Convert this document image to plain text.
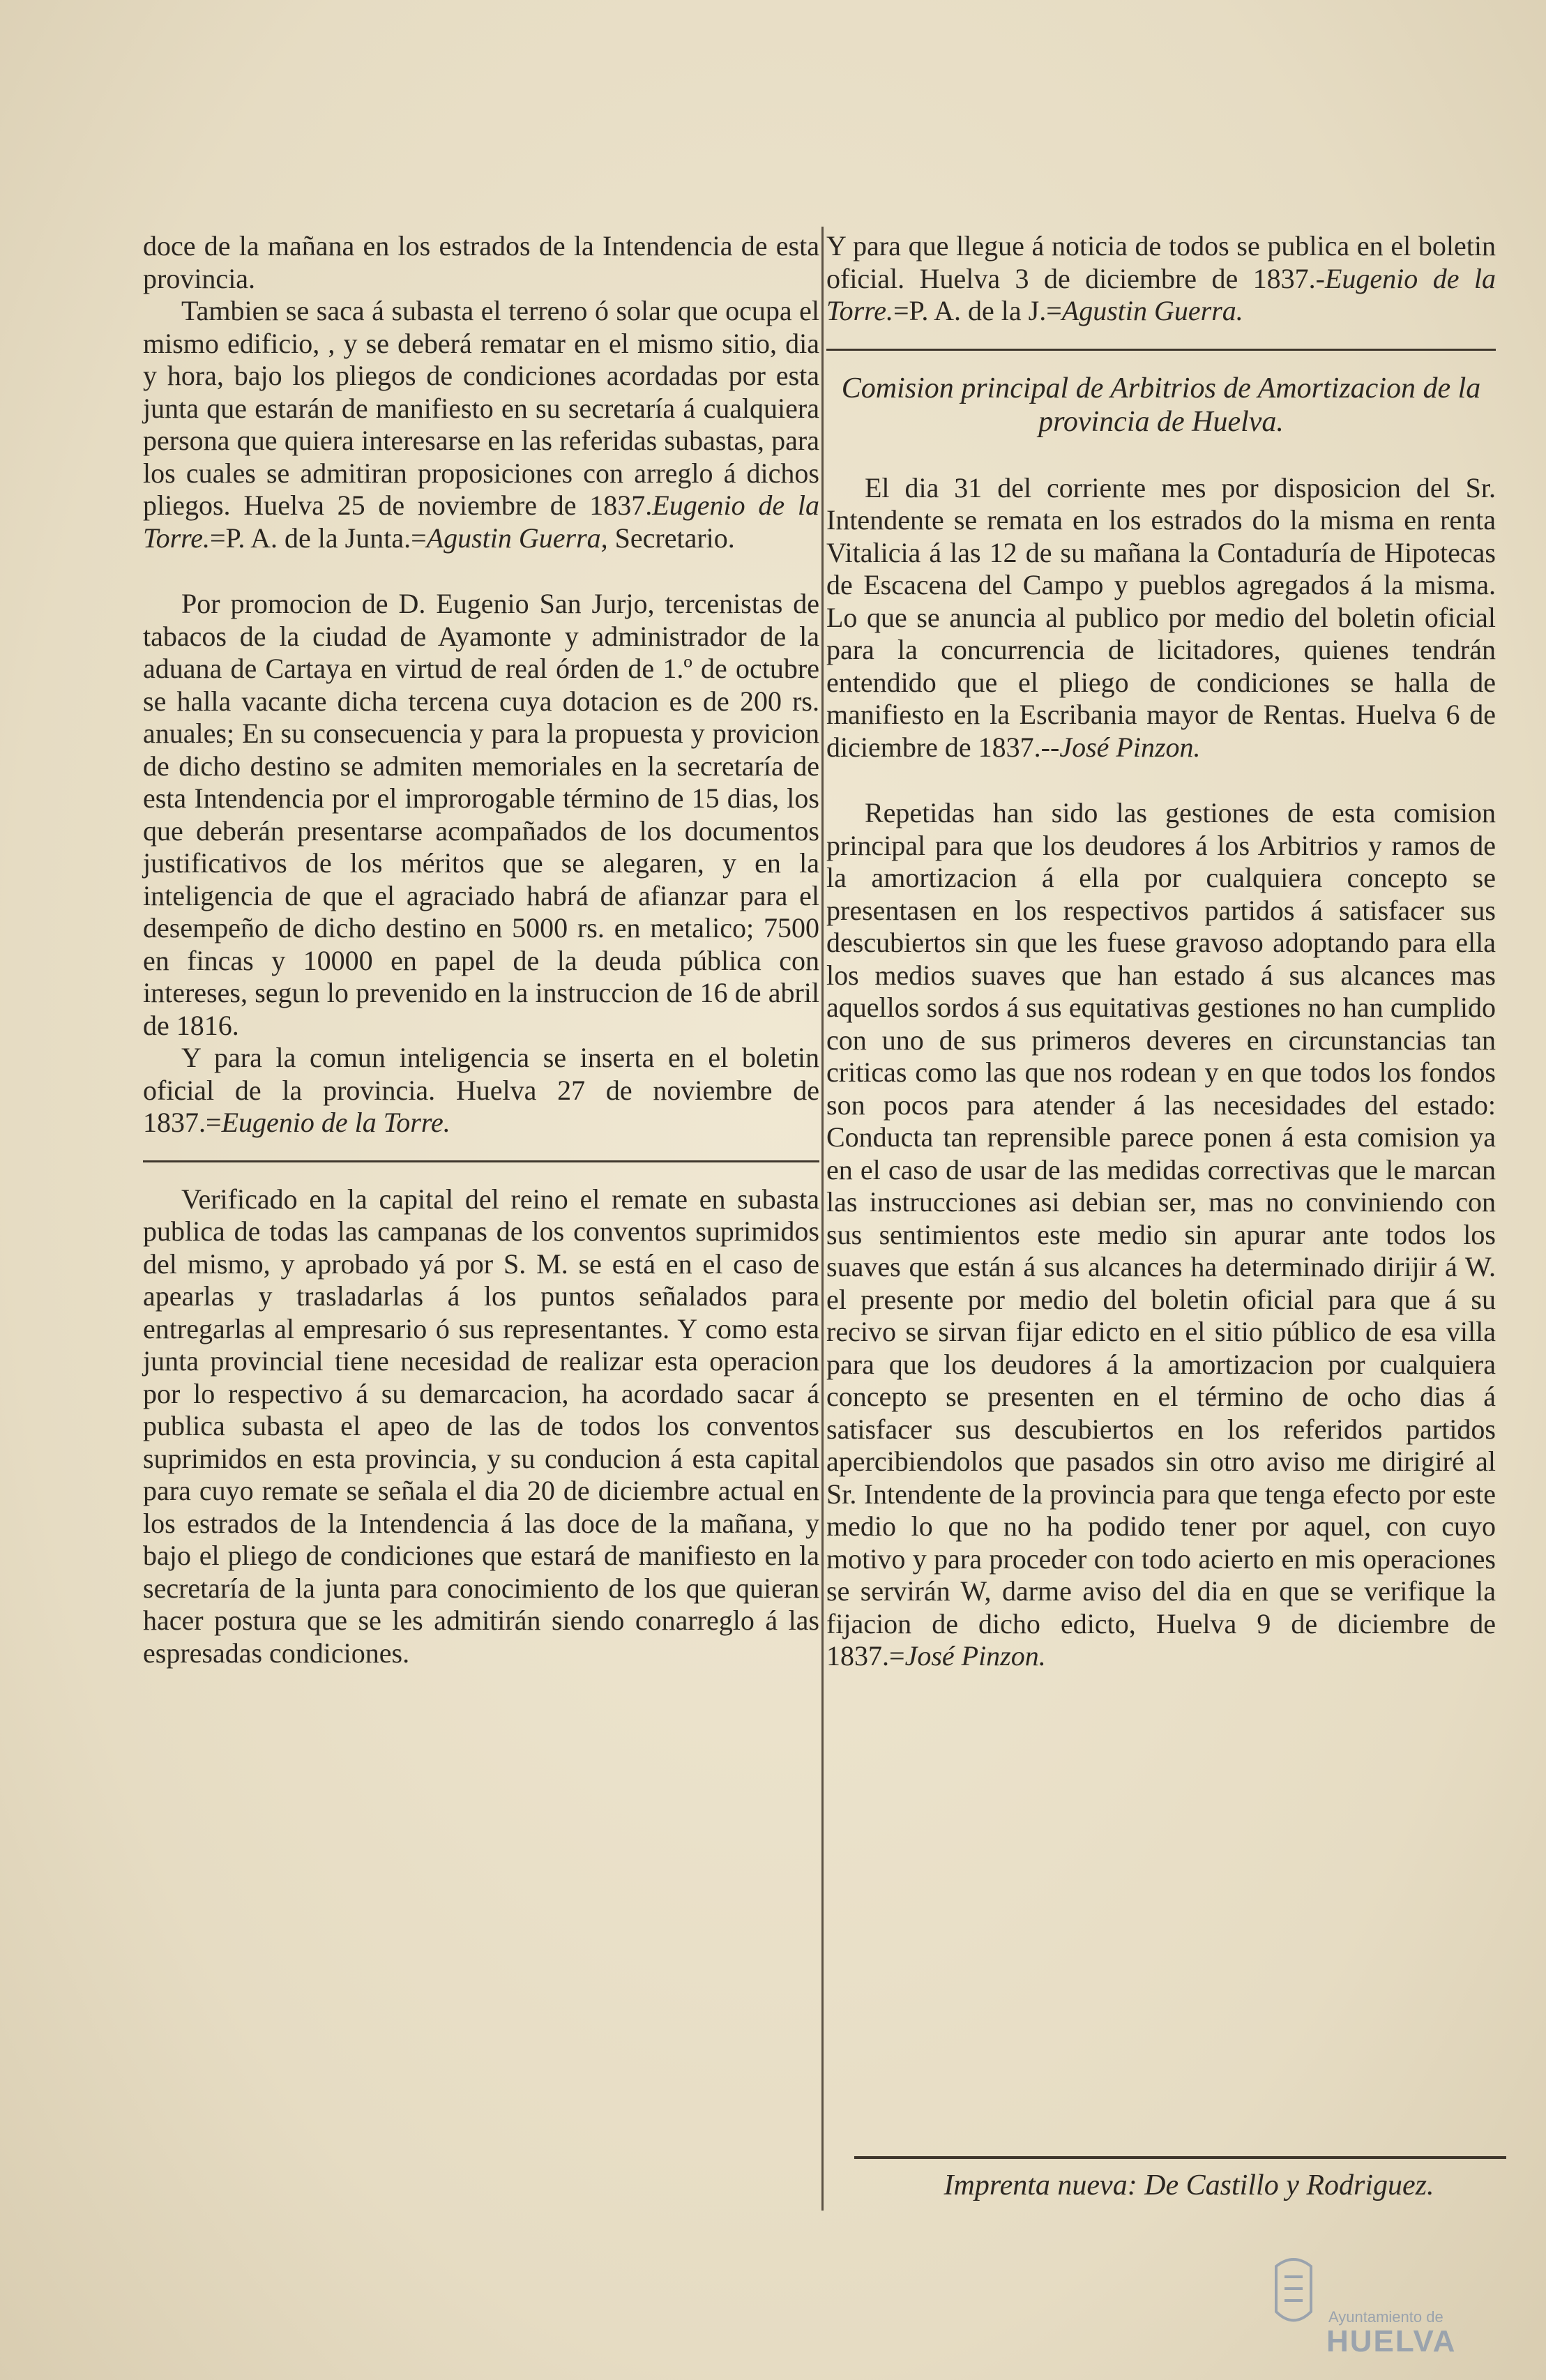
doce de la mañana en los estrados de la Intendencia de esta provincia.

Tambien se saca á subasta el terreno ó solar que ocupa el mismo edificio, , y se deberá rematar en el mismo sitio, dia y hora, bajo los pliegos de condiciones acordadas por esta junta que estarán de manifiesto en su secretaría á cualquiera persona que quiera interesarse en las referidas subastas, para los cuales se admitiran proposiciones con arreglo á dichos pliegos. Huelva 25 de noviembre de 1837.Eugenio de la Torre.=P. A. de la Junta.=Agustin Guerra, Secretario.

Por promocion de D. Eugenio San Jurjo, tercenistas de tabacos de la ciudad de Ayamonte y administrador de la aduana de Cartaya en virtud de real órden de 1.º de octubre se halla vacante dicha tercena cuya dotacion es de 200 rs. anuales; En su consecuencia y para la propuesta y provicion de dicho destino se admiten memoriales en la secretaría de esta Intendencia por el improrogable término de 15 dias, los que deberán presentarse acompañados de los documentos justificativos de los méritos que se alegaren, y en la inteligencia de que el agraciado habrá de afianzar para el desempeño de dicho destino en 5000 rs. en metalico; 7500 en fincas y 10000 en papel de la deuda pública con intereses, segun lo prevenido en la instruccion de 16 de abril de 1816.

Y para la comun inteligencia se inserta en el boletin oficial de la provincia. Huelva 27 de noviembre de 1837.=Eugenio de la Torre.

Verificado en la capital del reino el remate en subasta publica de todas las campanas de los conventos suprimidos del mismo, y aprobado yá por S. M. se está en el caso de apearlas y trasladarlas á los puntos señalados para entregarlas al empresario ó sus representantes. Y como esta junta provincial tiene necesidad de realizar esta operacion por lo respectivo á su demarcacion, ha acordado sacar á publica subasta el apeo de las de todos los conventos suprimidos en esta provincia, y su conducion á esta capital para cuyo remate se señala el dia 20 de diciembre actual en los estrados de la Intendencia á las doce de la mañana, y bajo el pliego de condiciones que estará de manifiesto en la secretaría de la junta para conocimiento de los que quieran hacer postura que se les admitirán siendo conarreglo á las espresadas condiciones.

Y para que llegue á noticia de todos se publica en el boletin oficial. Huelva 3 de diciembre de 1837.-Eugenio de la Torre.=P. A. de la J.=Agustin Guerra.

Comision principal de Arbitrios de Amortizacion de la provincia de Huelva.

El dia 31 del corriente mes por disposicion del Sr. Intendente se remata en los estrados do la misma en renta Vitalicia á las 12 de su mañana la Contaduría de Hipotecas de Escacena del Campo y pueblos agregados á la misma. Lo que se anuncia al publico por medio del boletin oficial para la concurrencia de licitadores, quienes tendrán entendido que el pliego de condiciones se halla de manifiesto en la Escribania mayor de Rentas. Huelva 6 de diciembre de 1837.--José Pinzon.

Repetidas han sido las gestiones de esta comision principal para que los deudores á los Arbitrios y ramos de la amortizacion á ella por cualquiera concepto se presentasen en los respectivos partidos á satisfacer sus descubiertos sin que les fuese gravoso adoptando para ella los medios suaves que han estado á sus alcances mas aquellos sordos á sus equitativas gestiones no han cumplido con uno de sus primeros deveres en circunstancias tan criticas como las que nos rodean y en que todos los fondos son pocos para atender á las necesidades del estado: Conducta tan reprensible parece ponen á esta comision ya en el caso de usar de las medidas correctivas que le marcan las instrucciones asi debian ser, mas no conviniendo con sus sentimientos este medio sin apurar ante todos los suaves que están á sus alcances ha determinado dirijir á W. el presente por medio del boletin oficial para que á su recivo se sirvan fijar edicto en el sitio público de esa villa para que los deudores á la amortizacion por cualquiera concepto se presenten en el término de ocho dias á satisfacer sus descubiertos en los referidos partidos apercibiendolos que pasados sin otro aviso me dirigiré al Sr. Intendente de la provincia para que tenga efecto por este medio lo que no ha podido tener por aquel, con cuyo motivo y para proceder con todo acierto en mis operaciones se servirán W, darme aviso del dia en que se verifique la fijacion de dicho edicto, Huelva 9 de diciembre de 1837.=José Pinzon.

Imprenta nueva: De Castillo y Rodriguez.
Ayuntamiento de
HUELVA
